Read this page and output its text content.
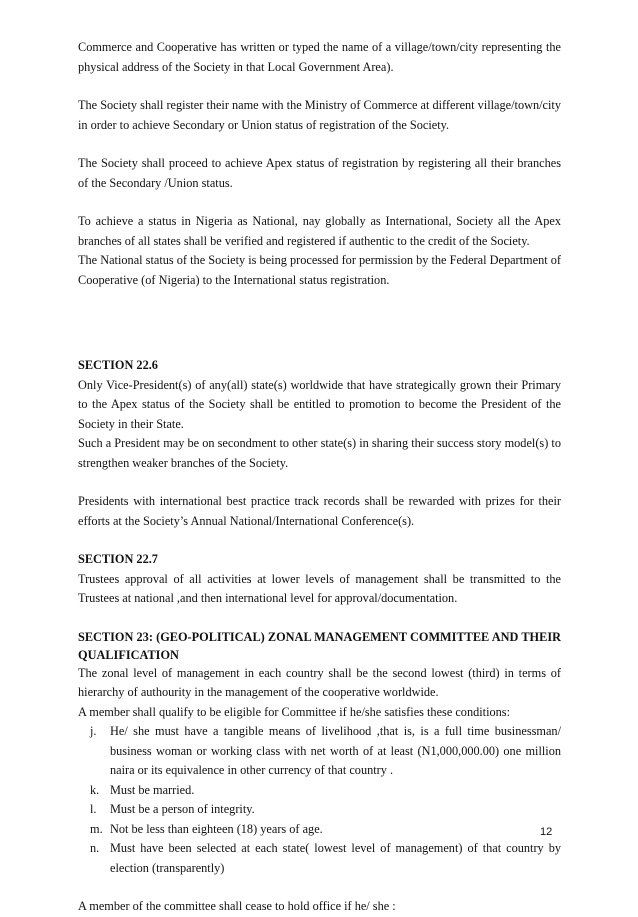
Commerce and Cooperative has written or typed the name of a village/town/city representing the physical address of the Society in that Local Government Area).

The Society shall register their name with the Ministry of Commerce at different village/town/city in order to achieve Secondary or Union status of registration of the Society.

The Society shall proceed to achieve Apex status of registration by registering all their branches of the Secondary /Union status.

To achieve a status in Nigeria as National, nay globally as International, Society all the Apex branches of all states shall be verified and registered if authentic to the credit of the Society.

The National status of the Society is being processed for permission by the Federal Department of Cooperative (of Nigeria) to the International status registration.

SECTION 22.6

Only Vice-President(s) of any(all) state(s) worldwide that have strategically grown their Primary to the Apex status of the Society shall be entitled to promotion to become the President of the Society in their State.

Such a President may be on secondment to other state(s) in sharing their success story model(s) to strengthen weaker branches of the Society.

Presidents with international best practice track records shall be rewarded with prizes for their efforts at the Society’s Annual National/International Conference(s).

SECTION 22.7

Trustees approval of all activities at lower levels of management shall be transmitted to the Trustees at national ,and then international level for approval/documentation.

SECTION 23: (GEO-POLITICAL) ZONAL MANAGEMENT COMMITTEE AND THEIR QUALIFICATION

The zonal level of management in each country shall be the second lowest (third) in terms of hierarchy of authourity in the management of the cooperative worldwide.

A member shall qualify to be eligible for Committee if he/she satisfies these conditions:

j.	He/ she must have a tangible means of livelihood ,that is, is a full time businessman/ business woman or working class with net worth of at least (N1,000,000.00) one million naira or its equivalence in other currency of that country .
k. Must be married.
l.	Must be a person of integrity.
m. Not be less than eighteen (18) years of age.
n. Must have been selected at each state( lowest level of management) of that country by election (transparently)

A member of the committee shall cease to hold office if he/ she :

12
